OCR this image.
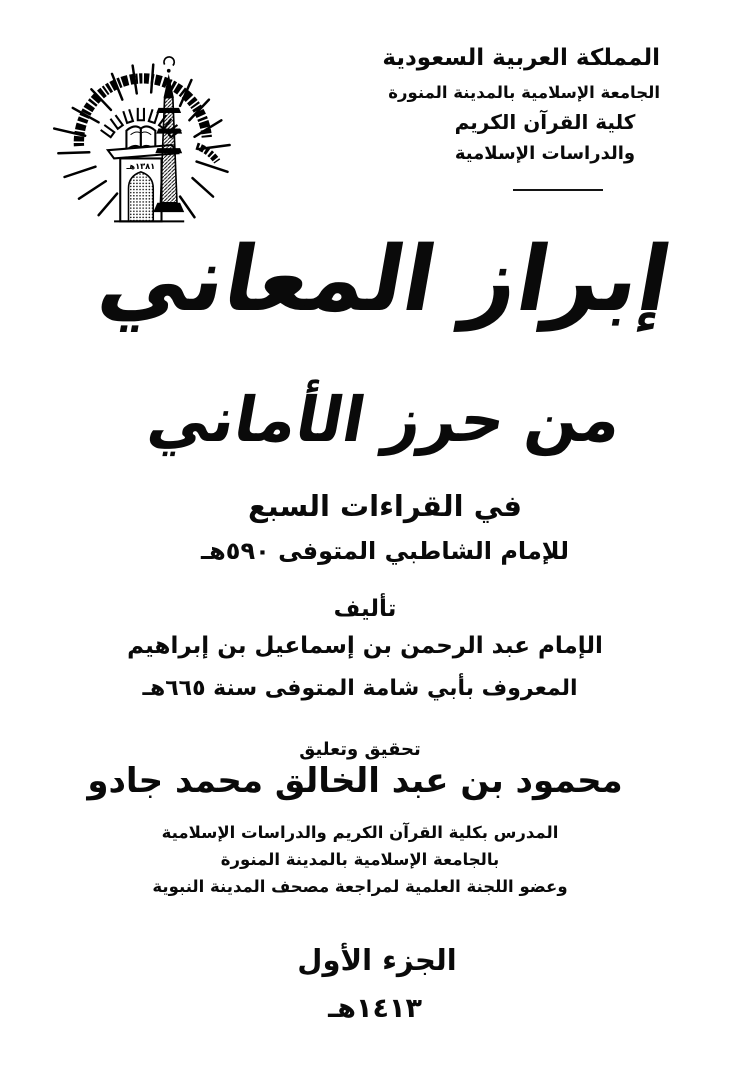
١٣٨١هـ
المملكة العربية السعودية
الجامعة الإسلامية بالمدينة المنورة
كلية القرآن الكريم
والدراسات الإسلامية
إبراز المعاني
من حرز الأماني
في القراءات السبع
للإمام الشاطبي المتوفى ٥٩٠هـ
تأليف
الإمام عبد الرحمن بن إسماعيل بن إبراهيم
المعروف بأبي شامة المتوفى سنة ٦٦٥هـ
تحقيق وتعليق
محمود بن عبد الخالق محمد جادو
المدرس بكلية القرآن الكريم والدراسات الإسلامية
بالجامعة الإسلامية بالمدينة المنورة
وعضو اللجنة العلمية لمراجعة مصحف المدينة النبوية
الجزء الأول
١٤١٣هـ
